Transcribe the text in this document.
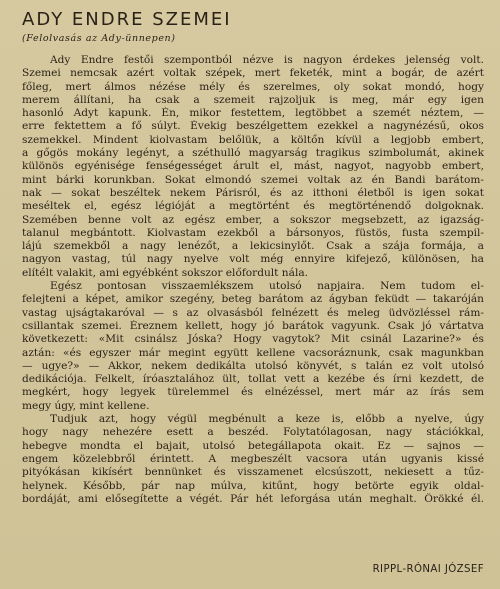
ADY ENDRE SZEMEI
(Felolvasás az Ady-ünnepen)

Ady Endre festői szempontból nézve is nagyon érdekes jelenség volt.
Szemei nemcsak azért voltak szépek, mert feketék, mint a bogár, de azért
főleg, mert álmos nézése mély és szerelmes, oly sokat mondó, hogy
merem állítani, ha csak a szemeit rajzoljuk is meg, már egy igen
hasonló Adyt kapunk. Én, mikor festettem, legtöbbet a szemét néztem, —
erre fektettem a fő súlyt. Évekig beszélgettem ezekkel a nagynézésű, okos
szemekkel. Mindent kiolvastam belőlük, a költőn kívül a legjobb embert,
a gőgös mokány legényt, a széthulló magyarság tragikus szimbolumát, akinek
különös egyénisége fenségességet árult el, mást, nagyot, nagyobb embert,
mint bárki korunkban. Sokat elmondó szemei voltak az én Bandi barátom-
nak — sokat beszéltek nekem Párisról, és az itthoni életből is igen sokat
meséltek el, egész légióját a megtörtént és megtörténendő dolgoknak.
Szemében benne volt az egész ember, a sokszor megsebzett, az igazság-
talanul megbántott. Kiolvastam ezekből a bársonyos, füstös, fusta szempil-
lájú szemekből a nagy lenézőt, a lekicsinylőt. Csak a szája formája, a
nagyon vastag, túl nagy nyelve volt még ennyire kifejező, különösen, ha
elítélt valakit, ami egyébként sokszor előfordult nála.

Egész pontosan visszaemlékszem utolsó napjaira. Nem tudom el-
felejteni a képet, amikor szegény, beteg barátom az ágyban feküdt — takaróján
vastag ujságtakaróval — s az olvasásból felnézett és meleg üdvözléssel rám-
csillantak szemei. Éreznem kellett, hogy jó barátok vagyunk. Csak jó vártatva
következett: «Mit csinálsz Jóska? Hogy vagytok? Mit csinál Lazarine?» és
aztán: «és egyszer már megint együtt kellene vacsoráznunk, csak magunkban
— ugye?» — Akkor, nekem dedikálta utolsó könyvét, s talán ez volt utolsó
dedikációja. Felkelt, íróasztalához ült, tollat vett a kezébe és írni kezdett, de
megkért, hogy legyek türelemmel és elnézéssel, mert már az írás sem
megy úgy, mint kellene.

Tudjuk azt, hogy végül megbénult a keze is, előbb a nyelve, úgy
hogy nagy nehezére esett a beszéd. Folytatólagosan, nagy stációkkal,
hebegve mondta el bajait, utolsó betegállapota okait. Ez — sajnos —
engem közelebbről érintett. A megbeszélt vacsora után ugyanis kissé
pityókásan kikísért bennünket és visszamenet elcsúszott, nekiesett a tűz-
helynek. Később, pár nap múlva, kitűnt, hogy betörte egyik oldal-
bordáját, ami elősegítette a végét. Pár hét leforgása után meghalt. Örökké él.

RIPPL-RÓNAI JÓZSEF
